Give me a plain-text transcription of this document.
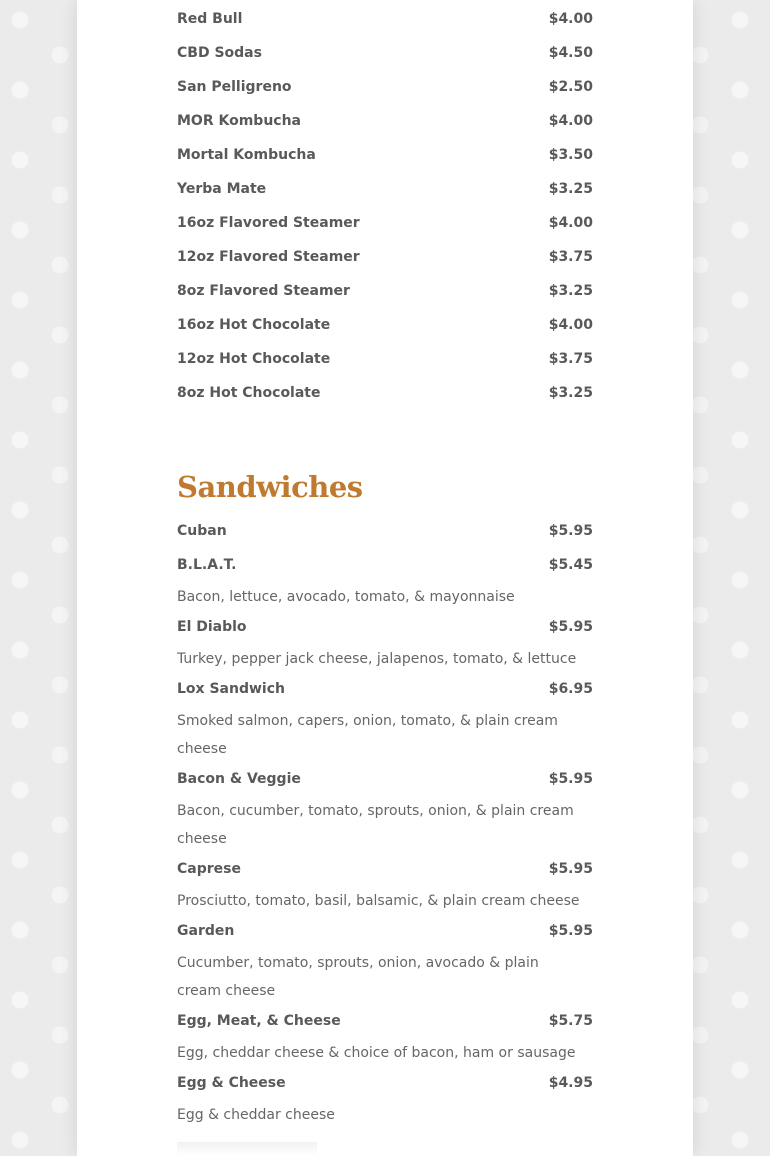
Red Bull	$4.00
CBD Sodas	$4.50
San Pelligreno	$2.50
MOR Kombucha	$4.00
Mortal Kombucha	$3.50
Yerba Mate	$3.25
16oz Flavored Steamer	$4.00
12oz Flavored Steamer	$3.75
8oz Flavored Steamer	$3.25
16oz Hot Chocolate	$4.00
12oz Hot Chocolate	$3.75
8oz Hot Chocolate	$3.25
Sandwiches
Cuban	$5.95
B.L.A.T.	$5.45
Bacon, lettuce, avocado, tomato, & mayonnaise
El Diablo	$5.95
Turkey, pepper jack cheese, jalapenos, tomato, & lettuce
Lox Sandwich	$6.95
Smoked salmon, capers, onion, tomato, & plain cream cheese
Bacon & Veggie	$5.95
Bacon, cucumber, tomato, sprouts, onion, & plain cream cheese
Caprese	$5.95
Prosciutto, tomato, basil, balsamic, & plain cream cheese
Garden	$5.95
Cucumber, tomato, sprouts, onion, avocado & plain cream cheese
Egg, Meat, & Cheese	$5.75
Egg, cheddar cheese & choice of bacon, ham or sausage
Egg & Cheese	$4.95
Egg & cheddar cheese
